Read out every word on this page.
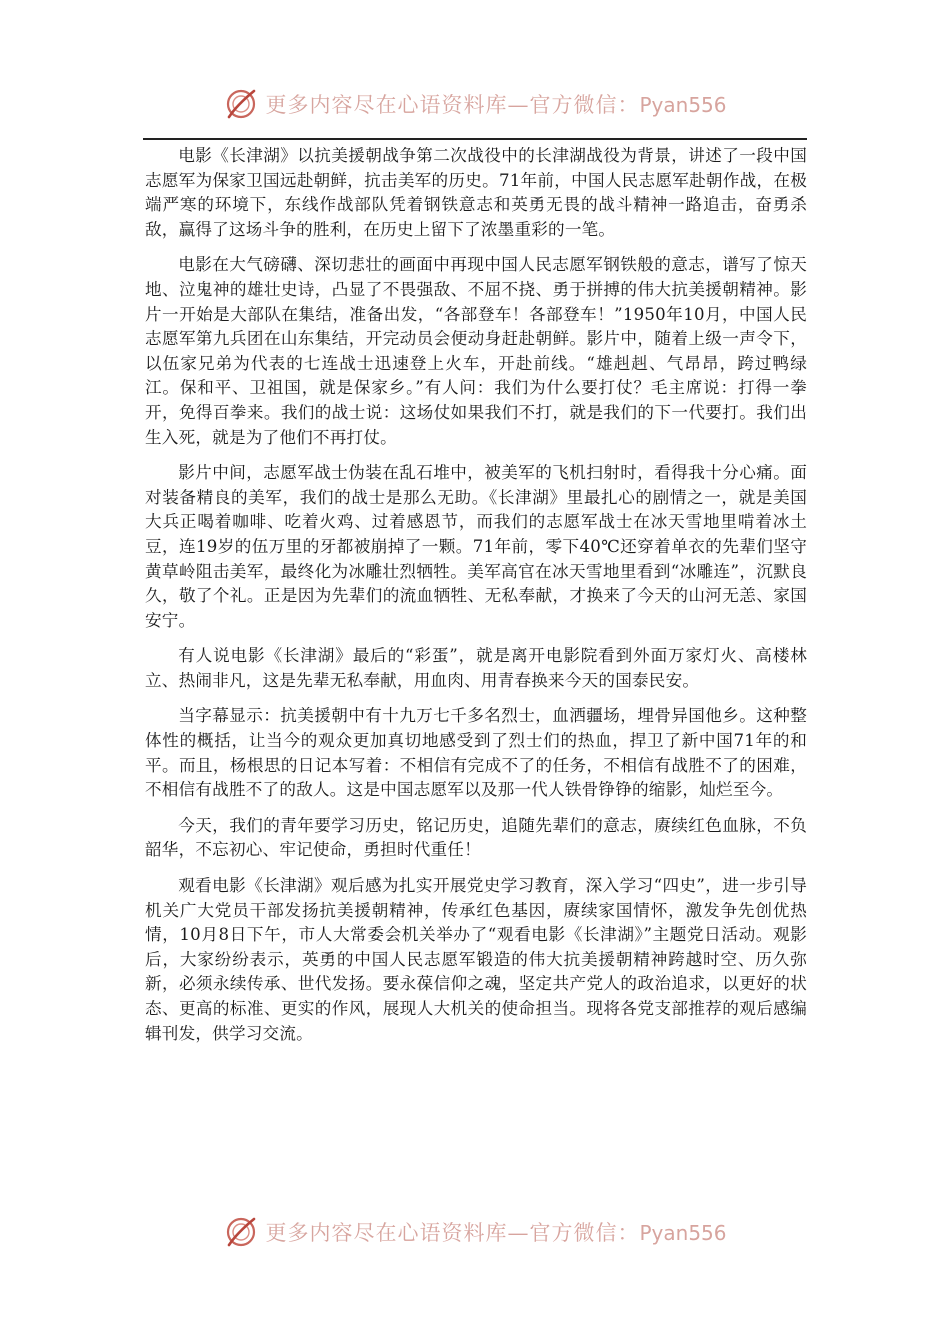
更多内容尽在心语资料库—官方微信：Pyan556

电影《长津湖》以抗美援朝战争第二次战役中的长津湖战役为背景，讲述了一段中国志愿军为保家卫国远赴朝鲜，抗击美军的历史。71年前，中国人民志愿军赴朝作战，在极端严寒的环境下，东线作战部队凭着钢铁意志和英勇无畏的战斗精神一路追击，奋勇杀敌，赢得了这场斗争的胜利，在历史上留下了浓墨重彩的一笔。

电影在大气磅礴、深切悲壮的画面中再现中国人民志愿军钢铁般的意志，谱写了惊天地、泣鬼神的雄壮史诗，凸显了不畏强敌、不屈不挠、勇于拼搏的伟大抗美援朝精神。影片一开始是大部队在集结，准备出发，“各部登车！各部登车！”1950年10月，中国人民志愿军第九兵团在山东集结，开完动员会便动身赶赴朝鲜。影片中，随着上级一声令下，以伍家兄弟为代表的七连战士迅速登上火车，开赴前线。“雄赳赳、气昂昂，跨过鸭绿江。保和平、卫祖国，就是保家乡。”有人问：我们为什么要打仗？毛主席说：打得一拳开，免得百拳来。我们的战士说：这场仗如果我们不打，就是我们的下一代要打。我们出生入死，就是为了他们不再打仗。

影片中间，志愿军战士伪装在乱石堆中，被美军的飞机扫射时，看得我十分心痛。面对装备精良的美军，我们的战士是那么无助。《长津湖》里最扎心的剧情之一，就是美国大兵正喝着咖啡、吃着火鸡、过着感恩节，而我们的志愿军战士在冰天雪地里啃着冰土豆，连19岁的伍万里的牙都被崩掉了一颗。71年前，零下40℃还穿着单衣的先辈们坚守黄草岭阻击美军，最终化为冰雕壮烈牺牲。美军高官在冰天雪地里看到“冰雕连”，沉默良久，敬了个礼。正是因为先辈们的流血牺牲、无私奉献，才换来了今天的山河无恙、家国安宁。

有人说电影《长津湖》最后的“彩蛋”，就是离开电影院看到外面万家灯火、高楼林立、热闹非凡，这是先辈无私奉献，用血肉、用青春换来今天的国泰民安。

当字幕显示：抗美援朝中有十九万七千多名烈士，血洒疆场，埋骨异国他乡。这种整体性的概括，让当今的观众更加真切地感受到了烈士们的热血，捍卫了新中国71年的和平。而且，杨根思的日记本写着：不相信有完成不了的任务，不相信有战胜不了的困难，不相信有战胜不了的敌人。这是中国志愿军以及那一代人铁骨铮铮的缩影，灿烂至今。

今天，我们的青年要学习历史，铭记历史，追随先辈们的意志，赓续红色血脉，不负韶华，不忘初心、牢记使命，勇担时代重任！

观看电影《长津湖》观后感为扎实开展党史学习教育，深入学习“四史”，进一步引导机关广大党员干部发扬抗美援朝精神，传承红色基因，赓续家国情怀，激发争先创优热情，10月8日下午，市人大常委会机关举办了“观看电影《长津湖》”主题党日活动。观影后，大家纷纷表示，英勇的中国人民志愿军锻造的伟大抗美援朝精神跨越时空、历久弥新，必须永续传承、世代发扬。要永葆信仰之魂，坚定共产党人的政治追求，以更好的状态、更高的标准、更实的作风，展现人大机关的使命担当。现将各党支部推荐的观后感编辑刊发，供学习交流。

更多内容尽在心语资料库—官方微信：Pyan556
